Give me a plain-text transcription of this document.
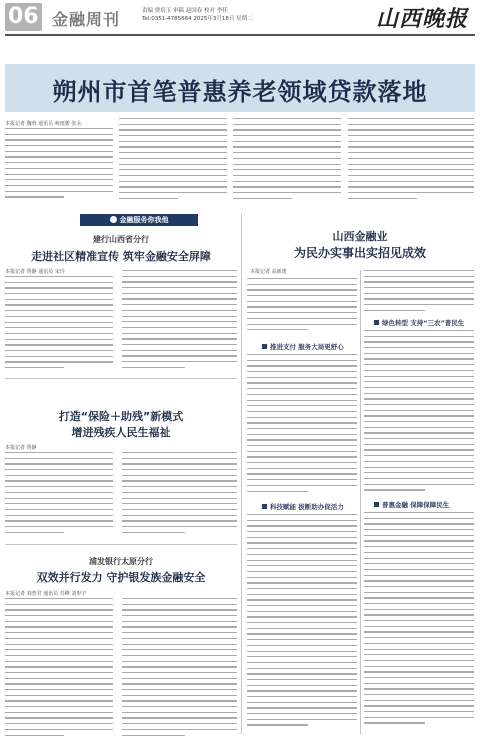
06 金融周刊	责编 贾培玉 审稿 赵国春 校对 李佳
Tel:0351-4785664 2025年3月18日 星期二	山西晚报
朔州市首笔普惠养老领域贷款落地
本报记者 魏蓉 通讯员 师雨骏 张永
金融服务你我他
山西金融业
为民办实事出实招见成效
本报记者 高新建
建行山西省分行
走进社区精准宣传 筑牢金融安全屏障
本报记者 鲁静 通讯员 宋玲
打造“保险＋助残”新模式
增进残疾人民生福祉
本报记者 鲁静
浦发银行太原分行
双效并行发力 守护银发族金融安全
本报记者 刘普君 通讯员 苏峰 刘形宇
推进支付 服务大局更舒心
科技赋能 拔断助办促活力
绿色转型 支持“三农”普民生
普惠金融 保障保障民生
